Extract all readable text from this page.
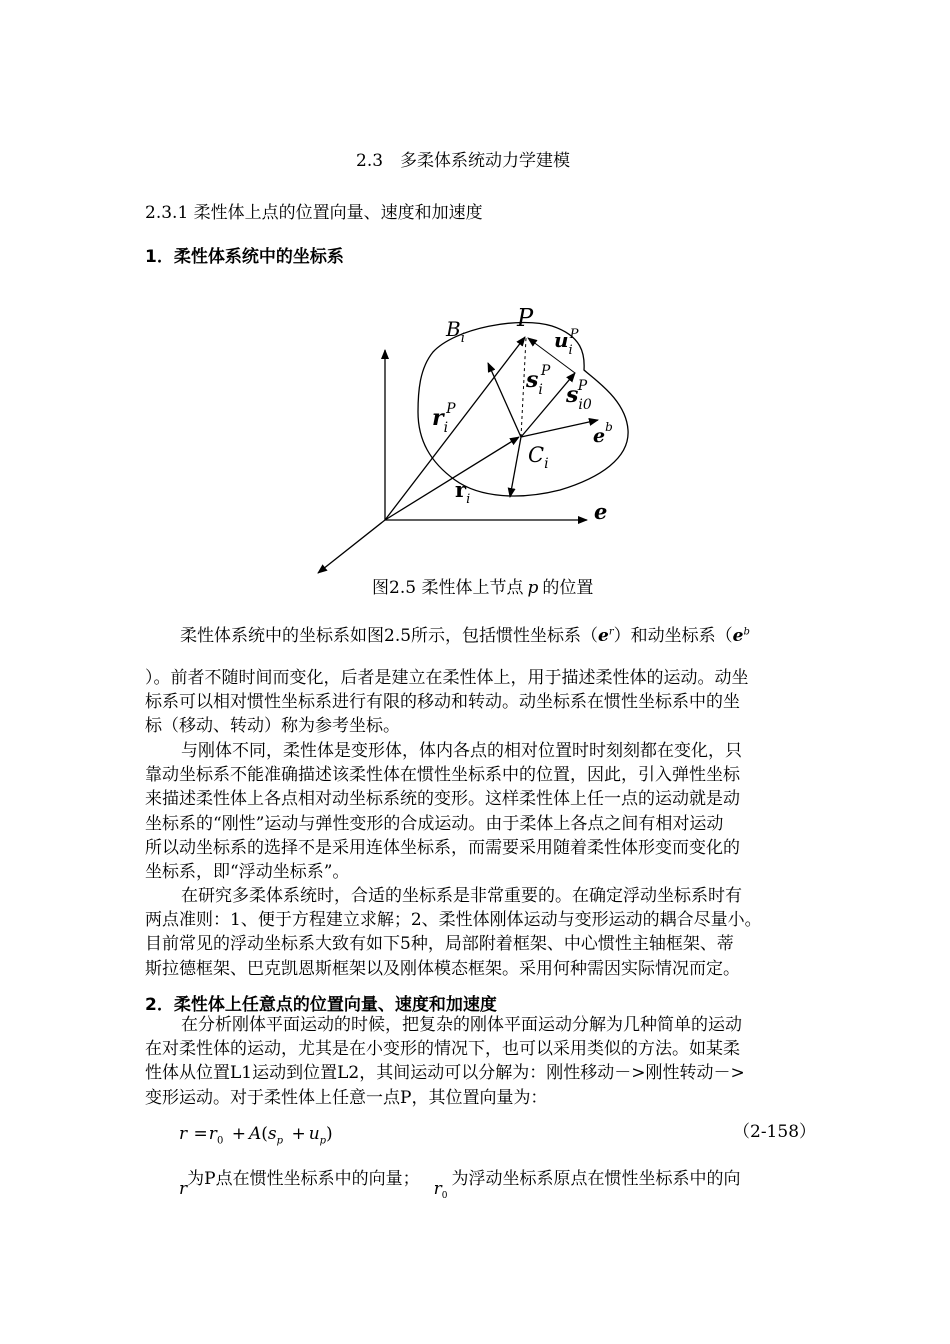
2.3　多柔体系统动力学建模
2.3.1 柔性体上点的位置向量、速度和加速度
1．柔性体系统中的坐标系
$B_i$
P
$u_iP$
$s_iP$
$s_{i0}P$
$r_iP$
$e^b$
$C_i$
$r_i$	e
图2.5 柔性体上节点 p 的位置
柔性体系统中的坐标系如图2.5所示，包括惯性坐标系$(e^r)$和动坐标系（$e^b$
）。前者不随时间而变化，后者是建立在柔性体上，用于描述柔性体的运动。动坐
标系可以相对惯性坐标系进行有限的移动和转动。动坐标系在惯性坐标系中的坐
标（移动、转动）称为参考坐标。
与刚体不同，柔性体是变形体，体内各点的相对位置时时刻刻都在变化，只
靠动坐标系不能准确描述该柔性体在惯性坐标系中的位置，因此，引入弹性坐标
来描述柔性体上各点相对动坐标系统的变形。这样柔性体上任一点的运动就是动
坐标系的“刚性”运动与弹性变形的合成运动。由于柔体上各点之间有相对运动
所以动坐标系的选择不是采用连体坐标系，而需要采用随着柔性体形变而变化的
坐标系，即“浮动坐标系”。
在研究多柔体系统时，合适的坐标系是非常重要的。在确定浮动坐标系时有
两点准则：1、便于方程建立求解；2、柔性体刚体运动与变形运动的耦合尽量小。
目前常见的浮动坐标系大致有如下5种，局部附着框架、中心惯性主轴框架、蒂
斯拉德框架、巴克凯恩斯框架以及刚体模态框架。采用何种需因实际情况而定。
2．柔性体上任意点的位置向量、速度和加速度
在分析刚体平面运动的时候，把复杂的刚体平面运动分解为几种简单的运动
在对柔性体的运动，尤其是在小变形的情况下，也可以采用类似的方法。如某柔
性体从位置L1运动到位置L2，其间运动可以分解为：刚性移动－>刚性转动－>
变形运动。对于柔性体上任意一点P，其位置向量为：
$r =r_0 + A(s_p + u_p)$	（2-158）
r为P点在惯性坐标系中的向量； $r_0$为浮动坐标系原点在惯性坐标系中的向
